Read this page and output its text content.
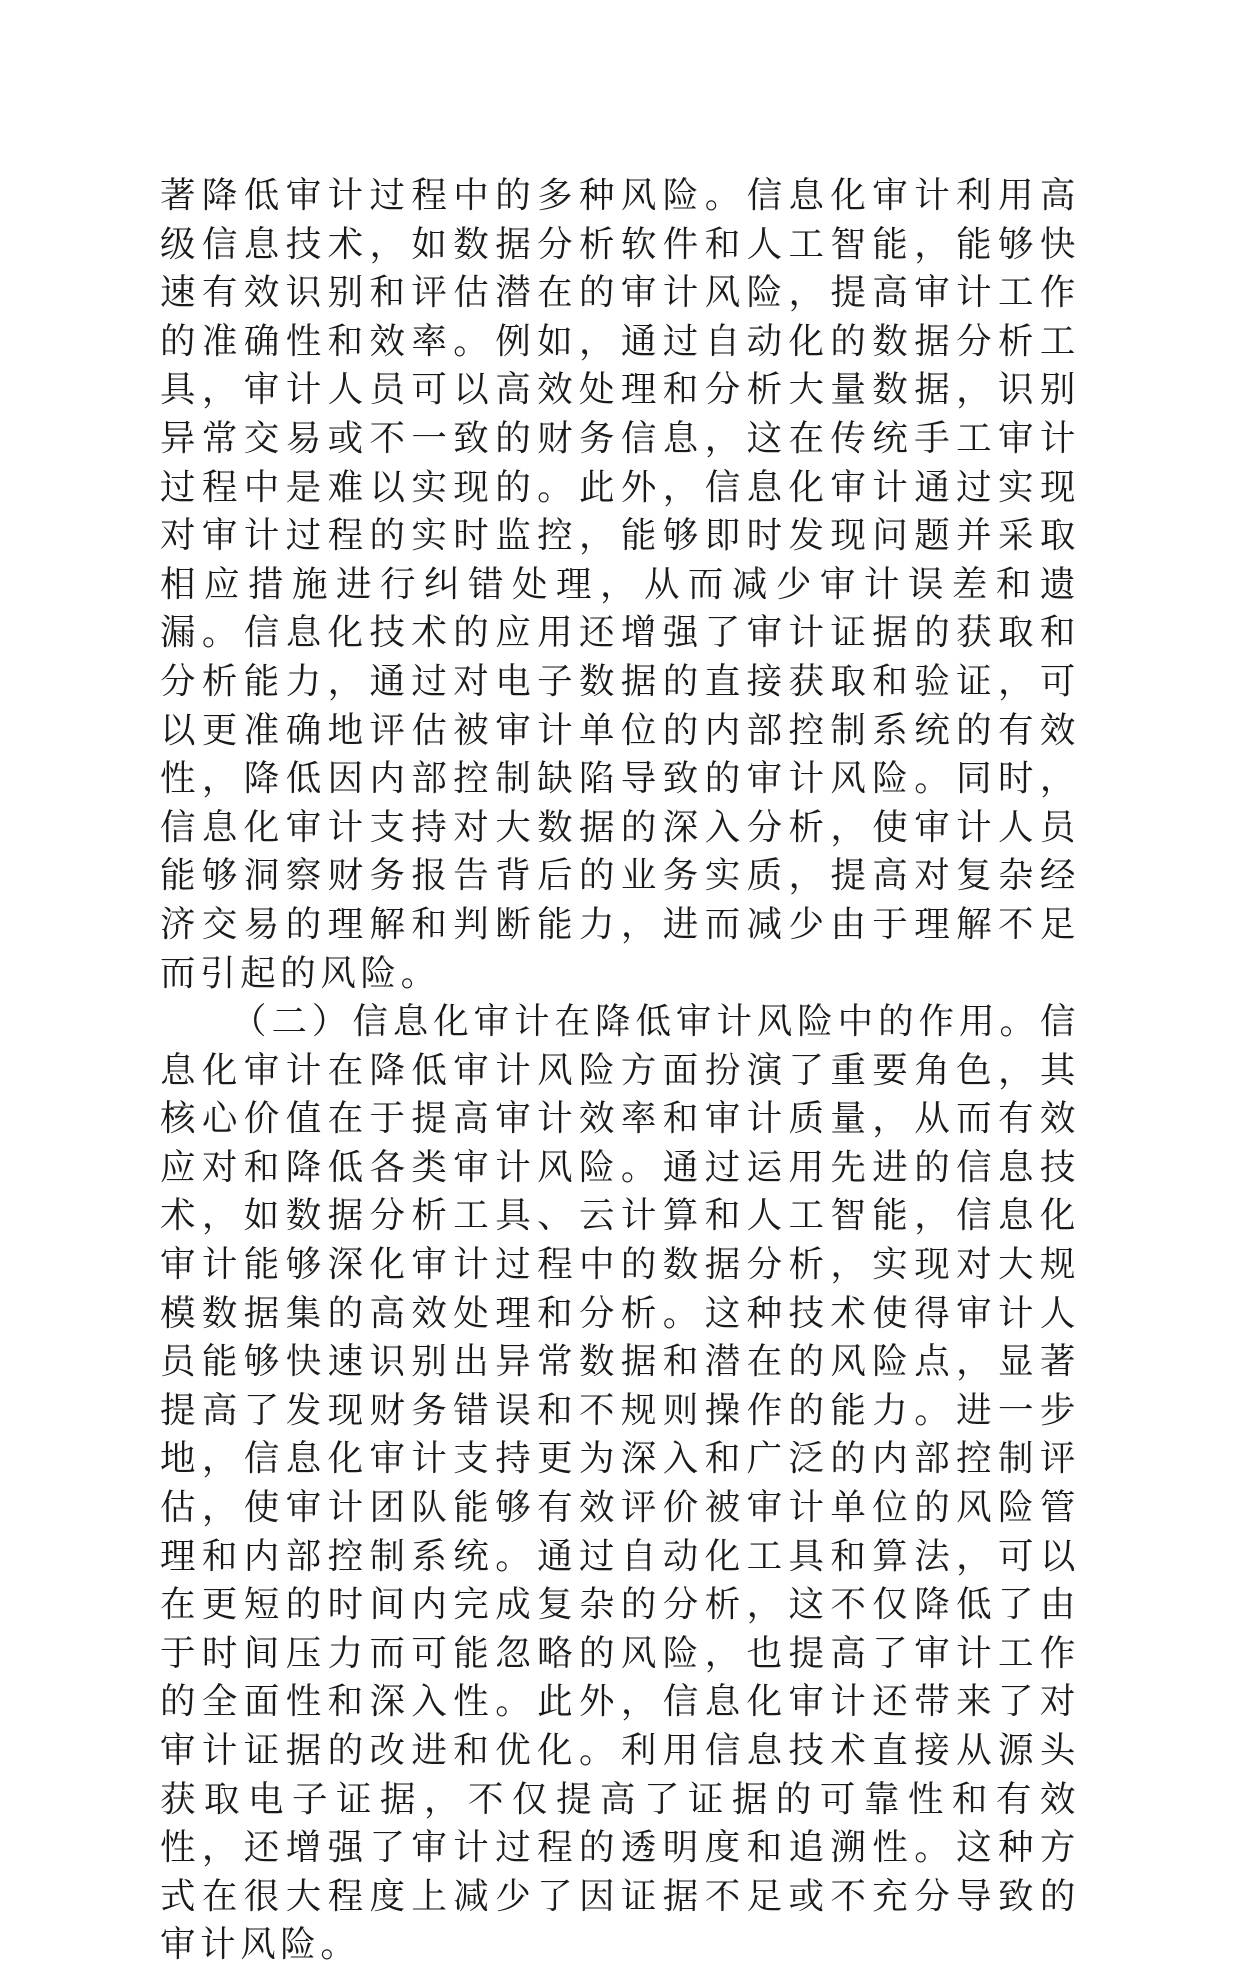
著降低审计过程中的多种风险。信息化审计利用高级信息技术，如数据分析软件和人工智能，能够快速有效识别和评估潜在的审计风险，提高审计工作的准确性和效率。例如，通过自动化的数据分析工具，审计人员可以高效处理和分析大量数据，识别异常交易或不一致的财务信息，这在传统手工审计过程中是难以实现的。此外，信息化审计通过实现对审计过程的实时监控，能够即时发现问题并采取相应措施进行纠错处理，从而减少审计误差和遗漏。信息化技术的应用还增强了审计证据的获取和分析能力，通过对电子数据的直接获取和验证，可以更准确地评估被审计单位的内部控制系统的有效性，降低因内部控制缺陷导致的审计风险。同时，信息化审计支持对大数据的深入分析，使审计人员能够洞察财务报告背后的业务实质，提高对复杂经济交易的理解和判断能力，进而减少由于理解不足而引起的风险。

（二）信息化审计在降低审计风险中的作用。信息化审计在降低审计风险方面扮演了重要角色，其核心价值在于提高审计效率和审计质量，从而有效应对和降低各类审计风险。通过运用先进的信息技术，如数据分析工具、云计算和人工智能，信息化审计能够深化审计过程中的数据分析，实现对大规模数据集的高效处理和分析。这种技术使得审计人员能够快速识别出异常数据和潜在的风险点，显著提高了发现财务错误和不规则操作的能力。进一步地，信息化审计支持更为深入和广泛的内部控制评估，使审计团队能够有效评价被审计单位的风险管理和内部控制系统。通过自动化工具和算法，可以在更短的时间内完成复杂的分析，这不仅降低了由于时间压力而可能忽略的风险，也提高了审计工作的全面性和深入性。此外，信息化审计还带来了对审计证据的改进和优化。利用信息技术直接从源头获取电子证据，不仅提高了证据的可靠性和有效性，还增强了审计过程的透明度和追溯性。这种方式在很大程度上减少了因证据不足或不充分导致的审计风险。
